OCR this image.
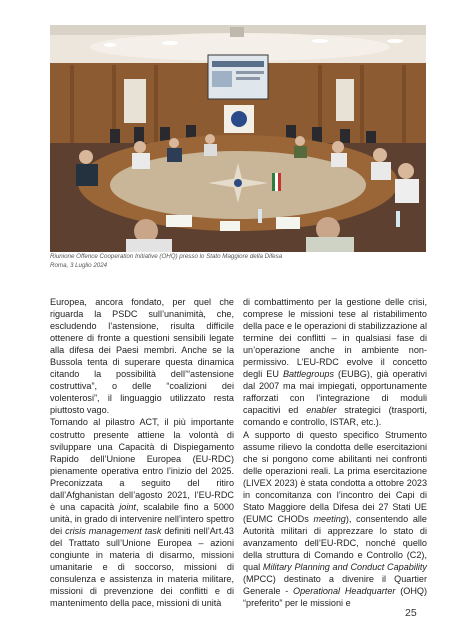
Riunione Offence Cooperation Initiative (OHQ) presso lo Stato Maggiore della Difesa
Roma, 3 Luglio 2024

Europea, ancora fondato, per quel che riguarda la PSDC sull’unanimità, che, escludendo l’astensione, risulta difficile ottenere di fronte a questioni sensibili legate alla difesa dei Paesi membri. Anche se la Bussola tenta di superare questa dinamica citando la possibilità dell’“astensione costruttiva”, o delle “coalizioni dei volenterosi”, il linguaggio utilizzato resta piuttosto vago.

Tornando al pilastro ACT, il più importante costrutto presente attiene la volontà di sviluppare una Capacità di Dispiegamento Rapido dell’Unione Europea (EU-RDC) pienamente operativa entro l’inizio del 2025. Preconizzata a seguito del ritiro dall’Afghanistan dell’agosto 2021, l’EU-RDC è una capacità joint, scalabile fino a 5000 unità, in grado di intervenire nell’intero spettro dei crisis management task definiti nell’Art.43 del Trattato sull’Unione Europea – azioni congiunte in materia di disarmo, missioni umanitarie e di soccorso, missioni di consulenza e assistenza in materia militare, missioni di prevenzione dei conflitti e di mantenimento della pace, missioni di unità

di combattimento per la gestione delle crisi, comprese le missioni tese al ristabilimento della pace e le operazioni di stabilizzazione al termine dei conflitti – in qualsiasi fase di un’operazione anche in ambiente non-permissivo. L’EU-RDC evolve il concetto degli EU Battlegroups (EUBG), già operativi dal 2007 ma mai impiegati, opportunamente rafforzati con l’integrazione di moduli capacitivi ed enabler strategici (trasporti, comando e controllo, ISTAR, etc.).

A supporto di questo specifico Strumento assume rilievo la condotta delle esercitazioni che si pongono come abilitanti nei confronti delle operazioni reali. La prima esercitazione (LIVEX 2023) è stata condotta a ottobre 2023 in concomitanza con l’incontro dei Capi di Stato Maggiore della Difesa dei 27 Stati UE (EUMC CHODs meeting), consentendo alle Autorità militari di apprezzare lo stato di avanzamento dell’EU-RDC, nonché quello della struttura di Comando e Controllo (C2), qual Military Planning and Conduct Capability (MPCC) destinato a divenire il Quartier Generale - Operational Headquarter (OHQ) “preferito” per le missioni e

25
